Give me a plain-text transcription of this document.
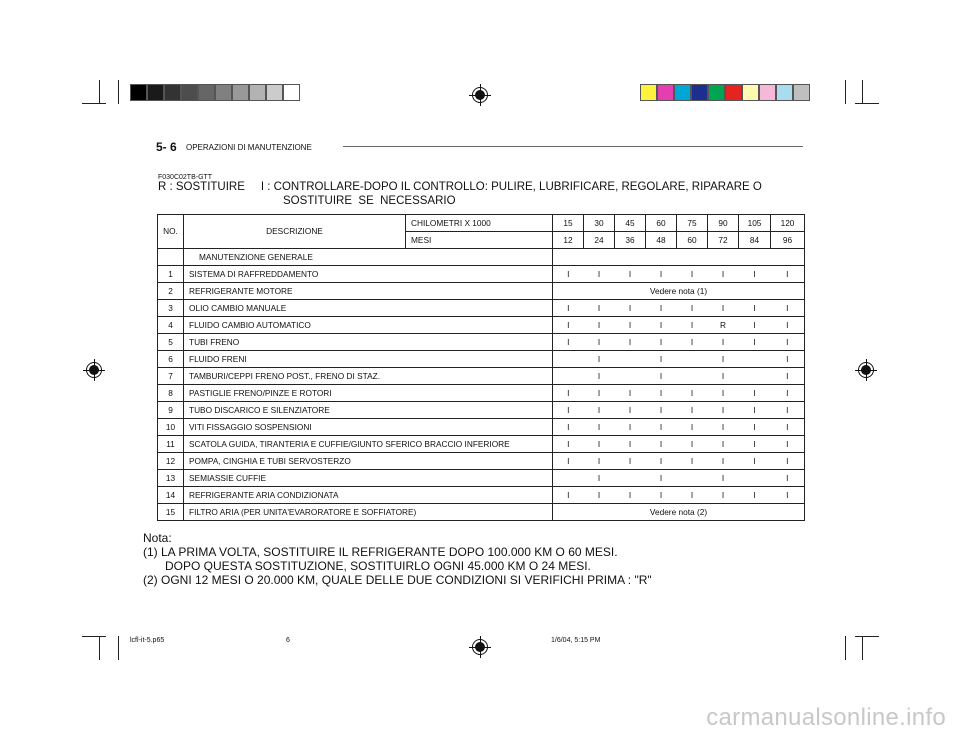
5- 6 OPERAZIONI DI MANUTENZIONE
F030C02TB-GTT
R : SOSTITUIRE     I : CONTROLLARE-DOPO IL CONTROLLO: PULIRE, LUBRIFICARE, REGOLARE, RIPARARE O
SOSTITUIRE  SE  NECESSARIO
NO.	DESCRIZIONE	CHILOMETRI X 1000	15	30	45	60	75	90	105	120
		MESI	12	24	36	48	60	72	84	96
	MANUTENZIONE GENERALE									
1	SISTEMA DI RAFFREDDAMENTO		I	I	I	I	I	I	I	I
2	REFRIGERANTE MOTORE		Vedere nota (1)							
3	OLIO CAMBIO MANUALE		I	I	I	I	I	I	I	I
4	FLUIDO CAMBIO AUTOMATICO		I	I	I	I	I	R	I	I
5	TUBI FRENO		I	I	I	I	I	I	I	I
6	FLUIDO FRENI			I		I		I		I
7	TAMBURI/CEPPI FRENO POST., FRENO DI STAZ.			I		I		I		I
8	PASTIGLIE FRENO/PINZE E ROTORI		I	I	I	I	I	I	I	I
9	TUBO DISCARICO E SILENZIATORE		I	I	I	I	I	I	I	I
10	VITI FISSAGGIO SOSPENSIONI		I	I	I	I	I	I	I	I
11	SCATOLA GUIDA, TIRANTERIA E CUFFIE/GIUNTO SFERICO BRACCIO INFERIORE		I	I	I	I	I	I	I	I
12	POMPA, CINGHIA E TUBI SERVOSTERZO		I	I	I	I	I	I	I	I
13	SEMIASSIE CUFFIE			I		I		I		I
14	REFRIGERANTE ARIA CONDIZIONATA		I	I	I	I	I	I	I	I
15	FILTRO ARIA (PER UNITA'EVARORATORE E SOFFIATORE)		Vedere nota (2)							
Nota:
(1) LA PRIMA VOLTA, SOSTITUIRE IL REFRIGERANTE DOPO 100.000 KM O 60 MESI.
DOPO QUESTA SOSTITUZIONE, SOSTITUIRLO OGNI 45.000 KM O 24 MESI.
(2) OGNI 12 MESI O 20.000 KM, QUALE DELLE DUE CONDIZIONI SI VERIFICHI PRIMA : "R"
lcfl-it-5.p65	6	1/6/04, 5:15 PM
carmanualsonline.info
